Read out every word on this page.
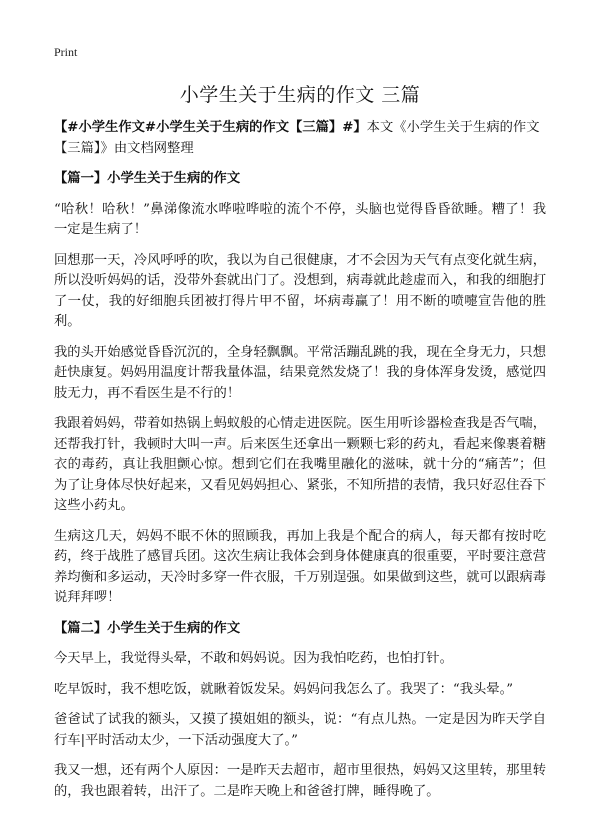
Print
小学生关于生病的作文 三篇

【#小学生作文#小学生关于生病的作文【三篇】#】本文《小学生关于生病的作文【三篇】》由文档网整理

【篇一】小学生关于生病的作文

“哈秋！哈秋！”鼻涕像流水哗啦哗啦的流个不停，头脑也觉得昏昏欲睡。糟了！我一定是生病了！

回想那一天，冷风呼呼的吹，我以为自己很健康，才不会因为天气有点变化就生病，所以没听妈妈的话，没带外套就出门了。没想到，病毒就此趁虚而入，和我的细胞打了一仗，我的好细胞兵团被打得片甲不留，坏病毒赢了！用不断的喷嚏宣告他的胜利。

我的头开始感觉昏昏沉沉的，全身轻飘飘。平常活蹦乱跳的我，现在全身无力，只想赶快康复。妈妈用温度计帮我量体温，结果竟然发烧了！我的身体浑身发烫，感觉四肢无力，再不看医生是不行的！

我跟着妈妈，带着如热锅上蚂蚁般的心情走进医院。医生用听诊器检查我是否气喘，还帮我打针，我顿时大叫一声。后来医生还拿出一颗颗七彩的药丸，看起来像裹着糖衣的毒药，真让我胆颤心惊。想到它们在我嘴里融化的滋味，就十分的“痛苦”；但为了让身体尽快好起来，又看见妈妈担心、紧张，不知所措的表情，我只好忍住吞下这些小药丸。

生病这几天，妈妈不眠不休的照顾我，再加上我是个配合的病人，每天都有按时吃药，终于战胜了感冒兵团。这次生病让我体会到身体健康真的很重要，平时要注意营养均衡和多运动，天冷时多穿一件衣服，千万别逞强。如果做到这些，就可以跟病毒说拜拜啰！

【篇二】小学生关于生病的作文

今天早上，我觉得头晕，不敢和妈妈说。因为我怕吃药，也怕打针。

吃早饭时，我不想吃饭，就瞅着饭发呆。妈妈问我怎么了。我哭了：“我头晕。”

爸爸试了试我的额头，又摸了摸姐姐的额头，说：“有点儿热。一定是因为昨天学自行车|平时活动太少，一下活动强度大了。”

我又一想，还有两个人原因：一是昨天去超市，超市里很热，妈妈又这里转，那里转的，我也跟着转，出汗了。二是昨天晚上和爸爸打牌，睡得晚了。
